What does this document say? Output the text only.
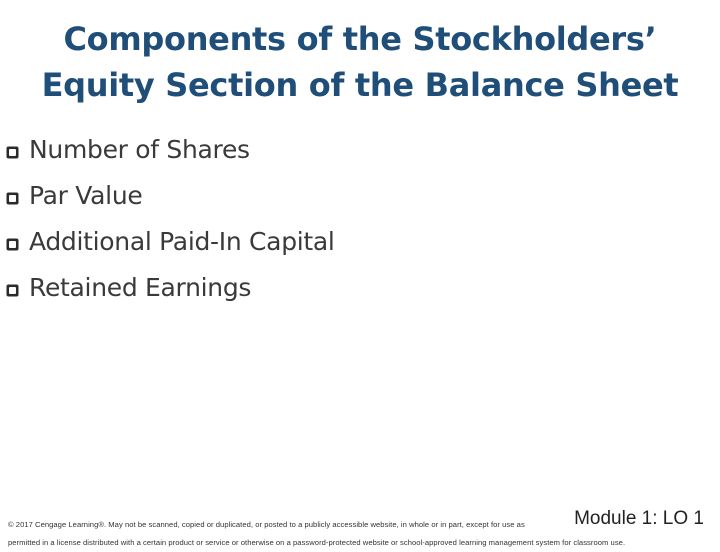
Components of the Stockholders’
Equity Section of the Balance Sheet
Number of Shares
Par Value
Additional Paid-In Capital
Retained Earnings
© 2017 Cengage Learning®. May not be scanned, copied or duplicated, or posted to a publicly accessible website, in whole or in part, except for use as
permitted in a license distributed with a certain product or service or otherwise on a password-protected website or school-approved learning management system for classroom use.
Module 1: LO 1
